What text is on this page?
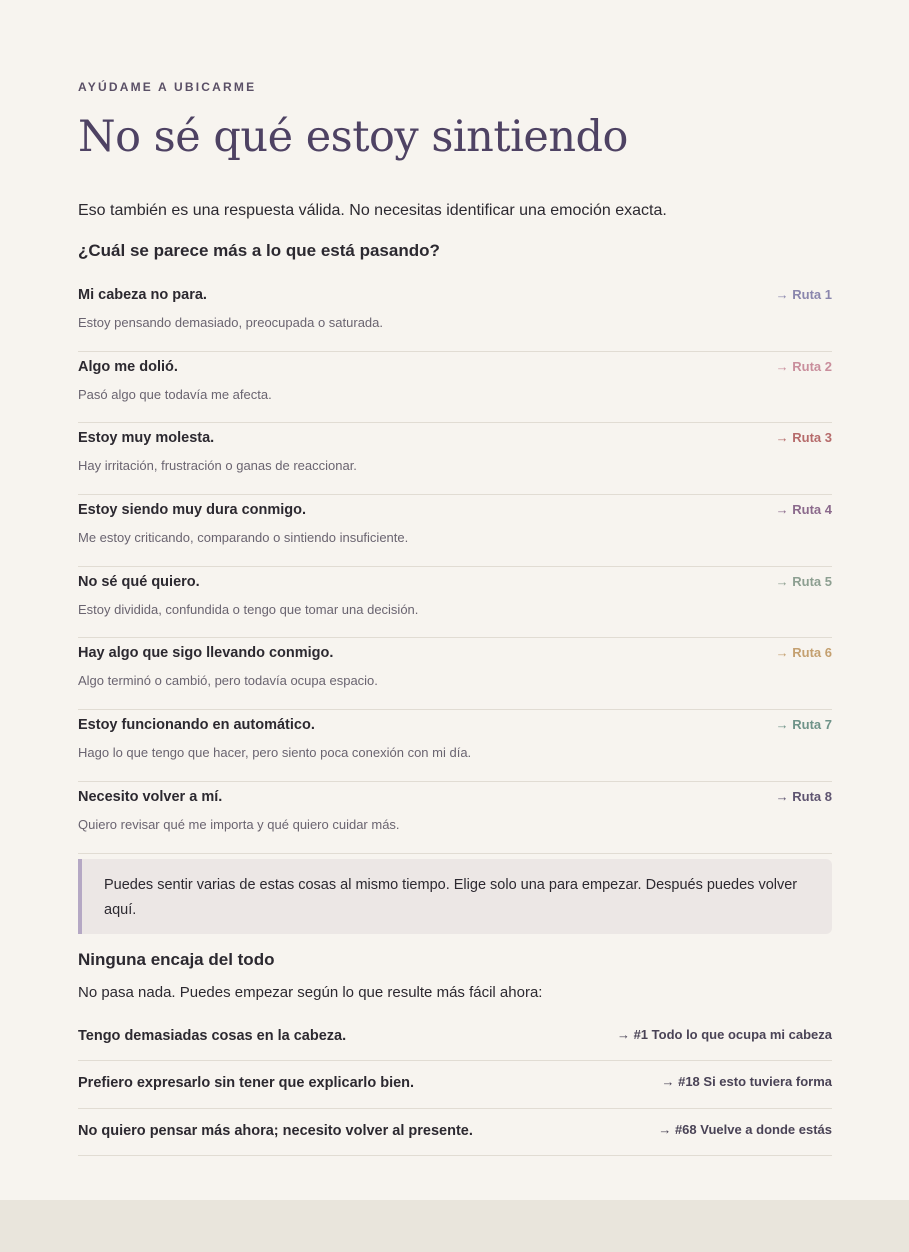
AYÚDAME A UBICARME
No sé qué estoy sintiendo
Eso también es una respuesta válida. No necesitas identificar una emoción exacta.
¿Cuál se parece más a lo que está pasando?
Mi cabeza no para.
Estoy pensando demasiado, preocupada o saturada.
→ Ruta 1
Algo me dolió.
Pasó algo que todavía me afecta.
→ Ruta 2
Estoy muy molesta.
Hay irritación, frustración o ganas de reaccionar.
→ Ruta 3
Estoy siendo muy dura conmigo.
Me estoy criticando, comparando o sintiendo insuficiente.
→ Ruta 4
No sé qué quiero.
Estoy dividida, confundida o tengo que tomar una decisión.
→ Ruta 5
Hay algo que sigo llevando conmigo.
Algo terminó o cambió, pero todavía ocupa espacio.
→ Ruta 6
Estoy funcionando en automático.
Hago lo que tengo que hacer, pero siento poca conexión con mi día.
→ Ruta 7
Necesito volver a mí.
Quiero revisar qué me importa y qué quiero cuidar más.
→ Ruta 8
Puedes sentir varias de estas cosas al mismo tiempo. Elige solo una para empezar. Después puedes volver aquí.
Ninguna encaja del todo
No pasa nada. Puedes empezar según lo que resulte más fácil ahora:
Tengo demasiadas cosas en la cabeza.	→ #1 Todo lo que ocupa mi cabeza
Prefiero expresarlo sin tener que explicarlo bien.	→ #18 Si esto tuviera forma
No quiero pensar más ahora; necesito volver al presente.	→ #68 Vuelve a donde estás
